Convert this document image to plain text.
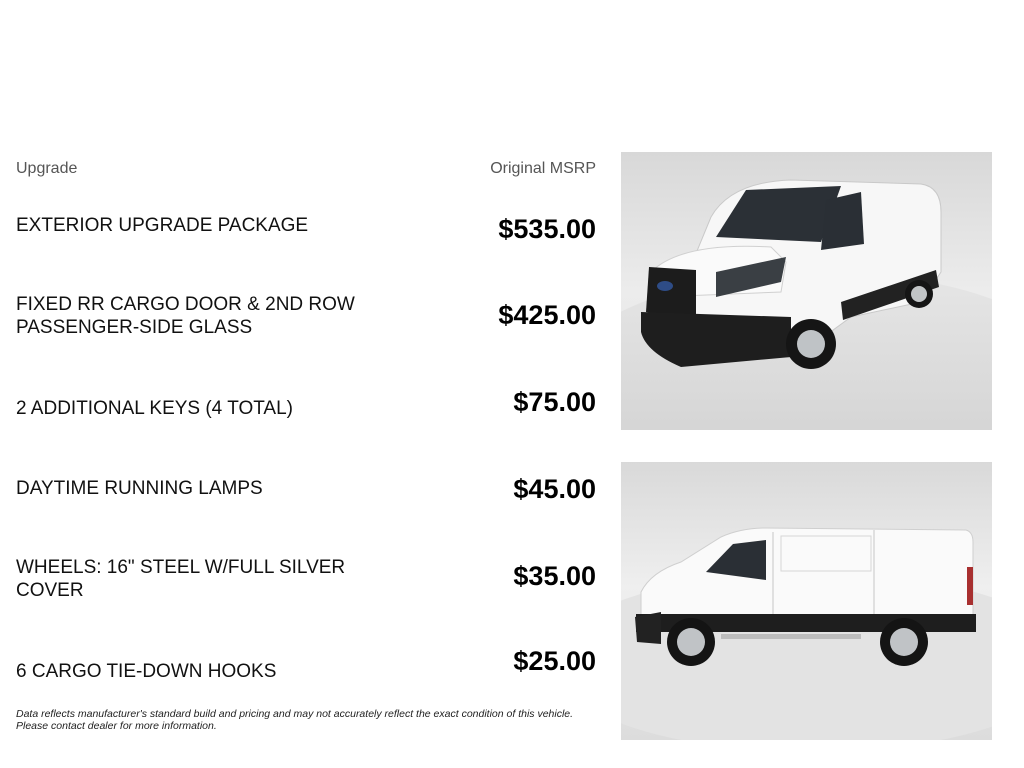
Upgrade	Original MSRP
EXTERIOR UPGRADE PACKAGE	$535.00
FIXED RR CARGO DOOR & 2ND ROW PASSENGER-SIDE GLASS	$425.00
2 ADDITIONAL KEYS (4 TOTAL)	$75.00
DAYTIME RUNNING LAMPS	$45.00
WHEELS: 16" STEEL W/FULL SILVER COVER	$35.00
6 CARGO TIE-DOWN HOOKS	$25.00
Data reflects manufacturer's standard build and pricing and may not accurately reflect the exact condition of this vehicle.
Please contact dealer for more information.
